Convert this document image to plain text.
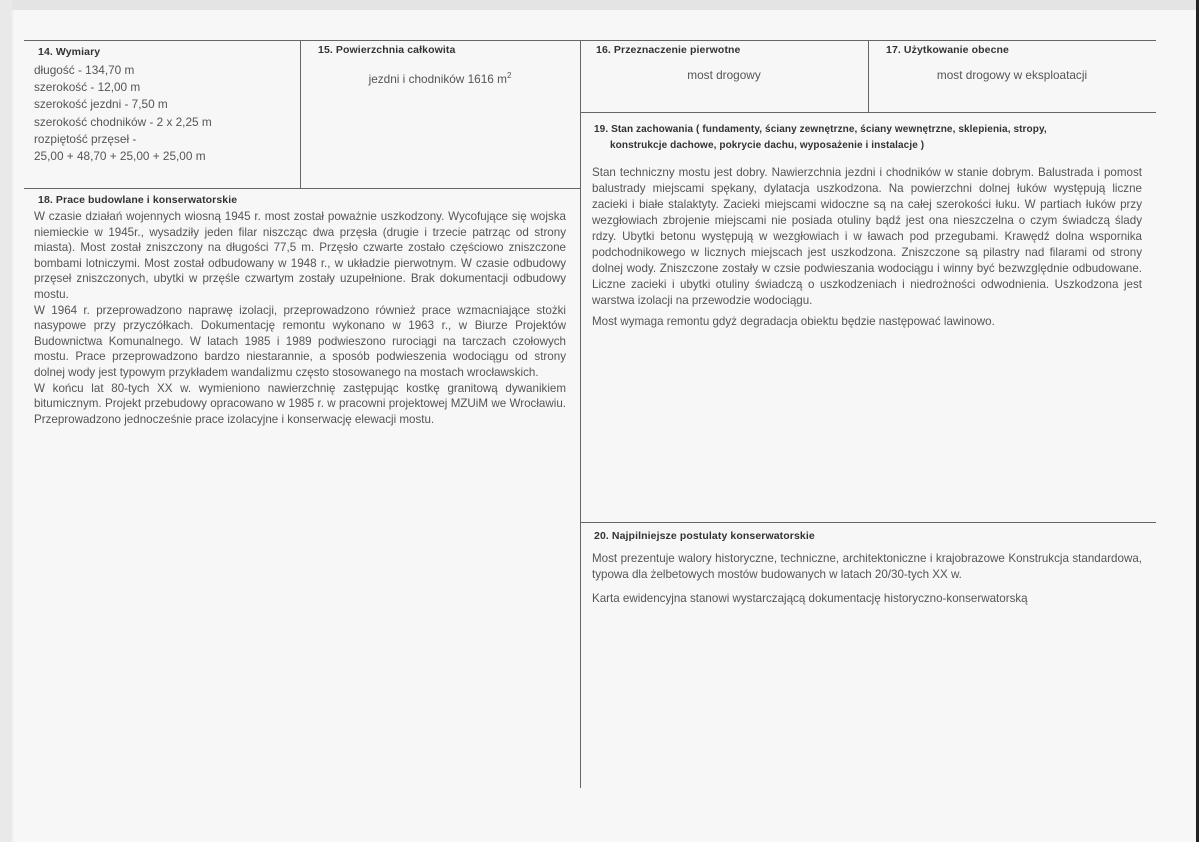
14. Wymiary
długość - 134,70 m
szerokość - 12,00 m
szerokość jezdni - 7,50 m
szerokość chodników - 2 x 2,25 m
rozpiętość przęseł -
25,00 + 48,70 + 25,00 + 25,00 m
15. Powierzchnia całkowita
jezdni i chodników 1616 $m^2$
16. Przeznaczenie pierwotne
most drogowy
17. Użytkowanie obecne
most drogowy w eksploatacji
18. Prace budowlane i konserwatorskie
W czasie działań wojennych wiosną 1945 r. most został poważnie uszkodzony. Wycofujące się wojska niemieckie w 1945r., wysadziły jeden filar niszcząc dwa przęsła (drugie i trzecie patrząc od strony miasta). Most został zniszczony na długości 77,5 m. Przęsło czwarte zostało częściowo zniszczone bombami lotniczymi. Most został odbudowany w 1948 r., w układzie pierwotnym. W czasie odbudowy przęseł zniszczonych, ubytki w przęśle czwartym zostały uzupełnione. Brak dokumentacji odbudowy mostu.
W 1964 r. przeprowadzono naprawę izolacji, przeprowadzono również prace wzmacniające stożki nasypowe przy przyczółkach. Dokumentację remontu wykonano w 1963 r., w Biurze Projektów Budownictwa Komunalnego. W latach 1985 i 1989 podwieszono rurociągi na tarczach czołowych mostu. Prace przeprowadzono bardzo niestarannie, a sposób podwieszenia wodociągu od strony dolnej wody jest typowym przykładem wandalizmu często stosowanego na mostach wrocławskich.
W końcu lat 80-tych XX w. wymieniono nawierzchnię zastępując kostkę granitową dywanikiem bitumicznym. Projekt przebudowy opracowano w 1985 r. w pracowni projektowej MZUiM we Wrocławiu. Przeprowadzono jednocześnie prace izolacyjne i konserwację elewacji mostu.
19. Stan zachowania ( fundamenty, ściany zewnętrzne, ściany wewnętrzne, sklepienia, stropy,
konstrukcje dachowe, pokrycie dachu, wyposażenie i instalacje )
Stan techniczny mostu jest dobry. Nawierzchnia jezdni i chodników w stanie dobrym. Balustrada i pomost balustrady miejscami spękany, dylatacja uszkodzona. Na powierzchni dolnej łuków występują liczne zacieki i białe stalaktyty. Zacieki miejscami widoczne są na całej szerokości łuku. W partiach łuków przy wezgłowiach zbrojenie miejscami nie posiada otuliny bądź jest ona nieszczelna o czym świadczą ślady rdzy. Ubytki betonu występują w wezgłowiach i w ławach pod przegubami. Krawędź dolna wspornika podchodnikowego w licznych miejscach jest uszkodzona. Zniszczone są pilastry nad filarami od strony dolnej wody. Zniszczone zostały w czsie podwieszania wodociągu i winny być bezwzględnie odbudowane. Liczne zacieki i ubytki otuliny świadczą o uszkodzeniach i niedrożności odwodnienia. Uszkodzona jest warstwa izolacji na przewodzie wodociągu.
Most wymaga remontu gdyż degradacja obiektu będzie następować lawinowo.
20. Najpilniejsze postulaty konserwatorskie
Most prezentuje walory historyczne, techniczne, architektoniczne i krajobrazowe Konstrukcja standardowa, typowa dla żelbetowych mostów budowanych w latach 20/30-tych XX w.
Karta ewidencyjna stanowi wystarczającą dokumentację historyczno-konserwatorską
